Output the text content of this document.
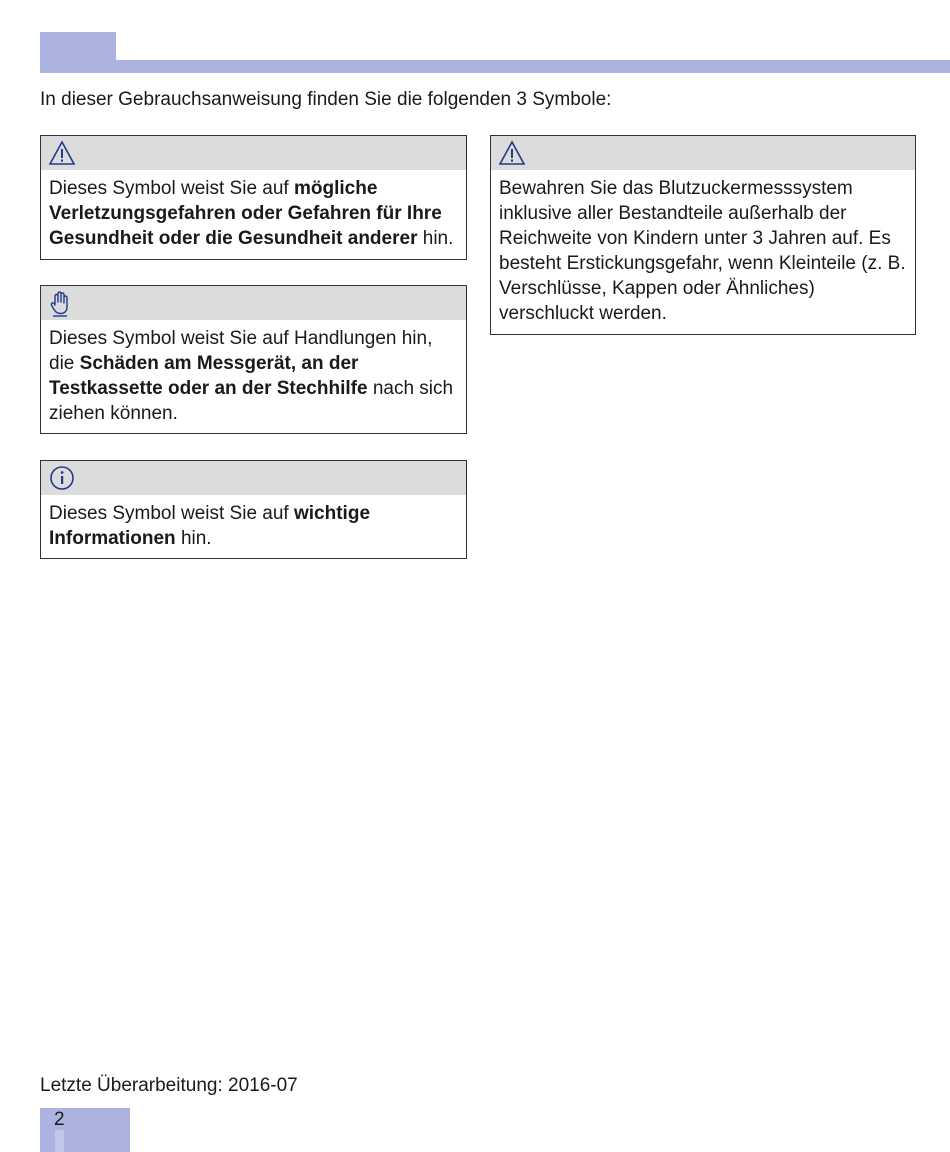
In dieser Gebrauchsanweisung finden Sie die folgenden 3 Symbole:
Dieses Symbol weist Sie auf mögliche Verletzungsgefahren oder Gefahren für Ihre Gesundheit oder die Gesundheit anderer hin.
Dieses Symbol weist Sie auf Handlungen hin, die Schäden am Messgerät, an der Testkassette oder an der Stechhilfe nach sich ziehen können.
Dieses Symbol weist Sie auf wichtige Informationen hin.
Bewahren Sie das Blutzuckermesssystem inklusive aller Bestandteile außerhalb der Reichweite von Kindern unter 3 Jahren auf. Es besteht Erstickungsgefahr, wenn Kleinteile (z. B. Verschlüsse, Kappen oder Ähnliches) verschluckt werden.
Letzte Überarbeitung: 2016-07
2
